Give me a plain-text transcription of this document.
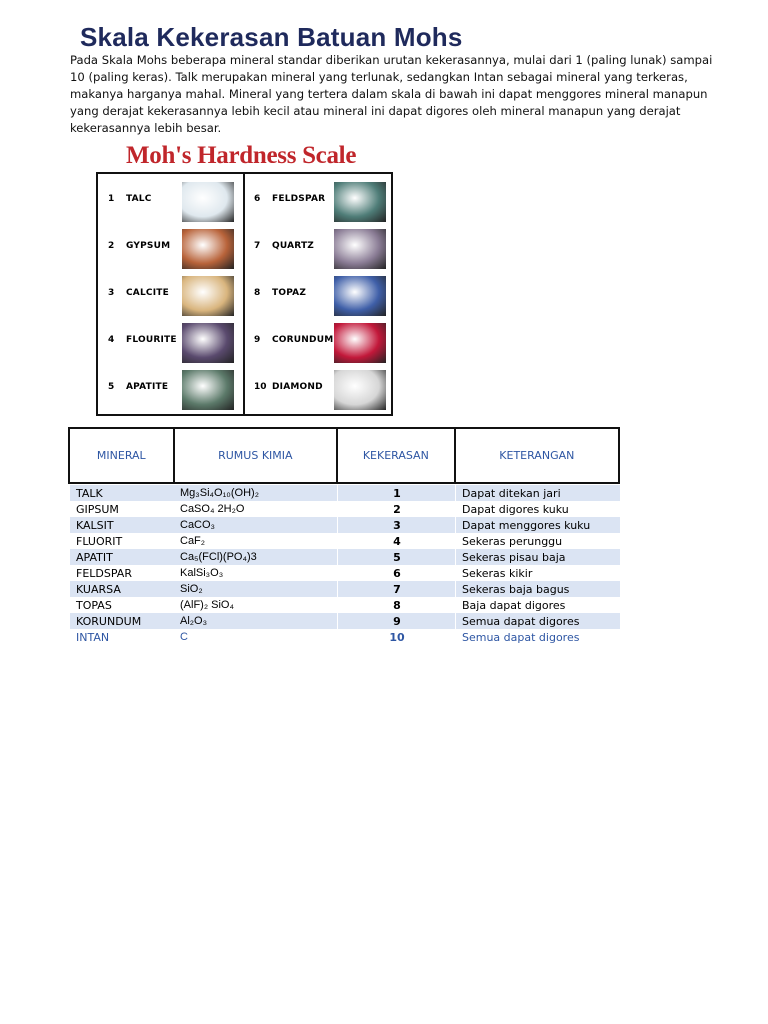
Skala Kekerasan Batuan Mohs
Pada Skala Mohs beberapa mineral standar diberikan urutan kekerasannya, mulai dari 1 (paling lunak) sampai 10 (paling keras). Talk merupakan mineral yang terlunak, sedangkan Intan sebagai mineral yang terkeras, makanya harganya mahal. Mineral yang tertera dalam skala di bawah ini dapat menggores mineral manapun yang derajat kekerasannya lebih kecil atau mineral ini dapat digores oleh mineral manapun yang derajat kekerasannya lebih besar.
Moh's Hardness Scale
1 TALC
2 GYPSUM
3 CALCITE
4 FLOURITE
5 APATITE
6 FELDSPAR
7 QUARTZ
8 TOPAZ
9 CORUNDUM
10 DIAMOND
MINERAL	RUMUS KIMIA	KEKERASAN	KETERANGAN
TALK	Mg₃Si₄O₁₀(OH)₂	1	Dapat ditekan jari
GIPSUM	CaSO₄ 2H₂O	2	Dapat digores kuku
KALSIT	CaCO₃	3	Dapat menggores kuku
FLUORIT	CaF₂	4	Sekeras perunggu
APATIT	Ca₅(FCl)(PO₄)3	5	Sekeras pisau baja
FELDSPAR	KalSi₃O₃	6	Sekeras kikir
KUARSA	SiO₂	7	Sekeras baja bagus
TOPAS	(AlF)₂ SiO₄	8	Baja dapat digores
KORUNDUM	Al₂O₃	9	Semua dapat digores
INTAN	C	10	Semua dapat digores
